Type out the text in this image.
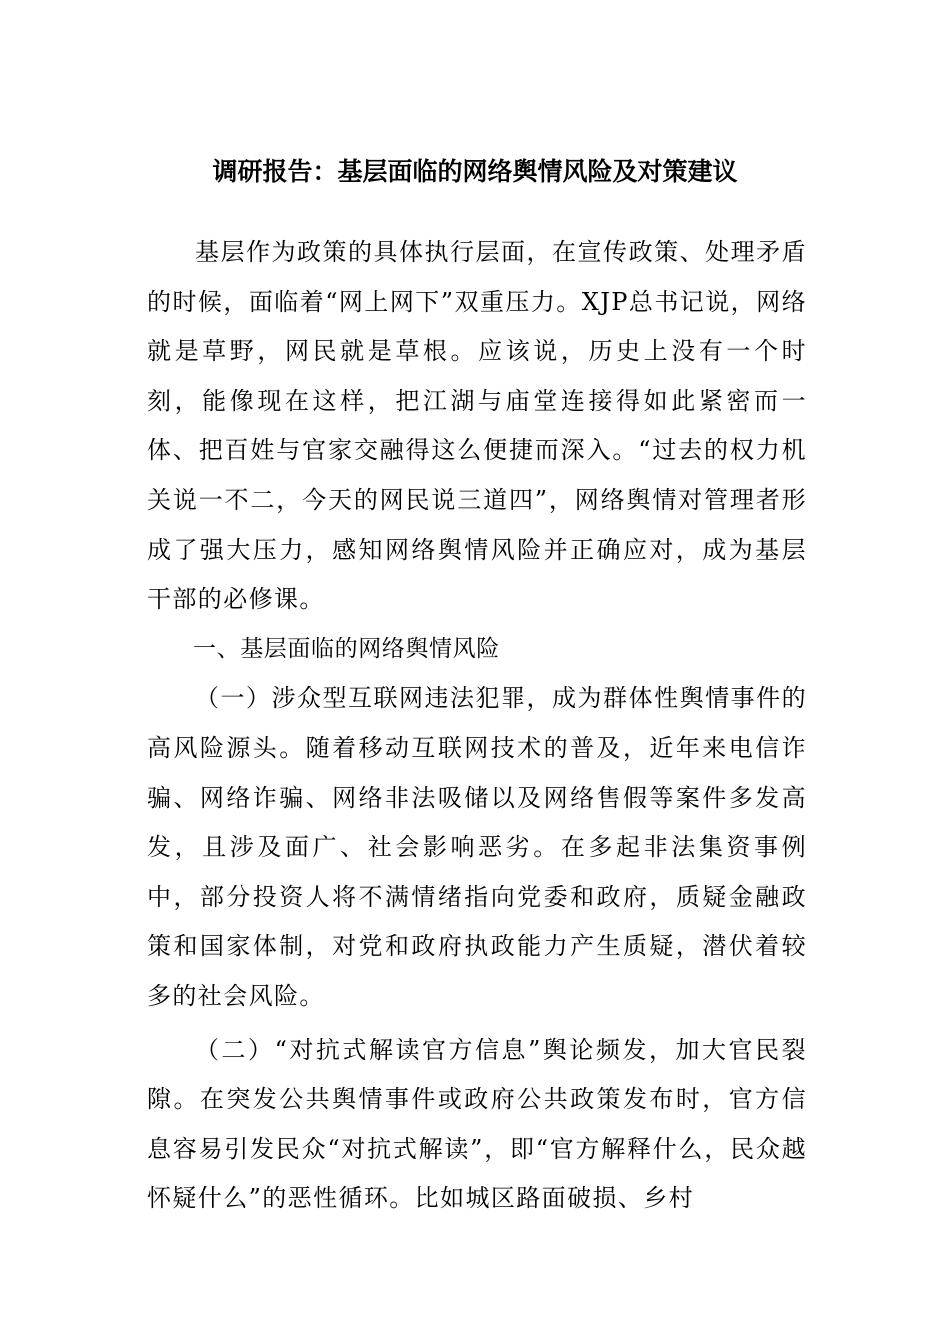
调研报告：基层面临的网络舆情风险及对策建议

基层作为政策的具体执行层面，在宣传政策、处理矛盾的时候，面临着“网上网下”双重压力。XJP总书记说，网络就是草野，网民就是草根。应该说，历史上没有一个时刻，能像现在这样，把江湖与庙堂连接得如此紧密而一体、把百姓与官家交融得这么便捷而深入。“过去的权力机关说一不二，今天的网民说三道四”，网络舆情对管理者形成了强大压力，感知网络舆情风险并正确应对，成为基层干部的必修课。

一、基层面临的网络舆情风险

（一）涉众型互联网违法犯罪，成为群体性舆情事件的高风险源头。随着移动互联网技术的普及，近年来电信诈骗、网络诈骗、网络非法吸储以及网络售假等案件多发高发，且涉及面广、社会影响恶劣。在多起非法集资事例中，部分投资人将不满情绪指向党委和政府，质疑金融政策和国家体制，对党和政府执政能力产生质疑，潜伏着较多的社会风险。

（二）“对抗式解读官方信息”舆论频发，加大官民裂隙。在突发公共舆情事件或政府公共政策发布时，官方信息容易引发民众“对抗式解读”，即“官方解释什么，民众越怀疑什么”的恶性循环。比如城区路面破损、乡村
